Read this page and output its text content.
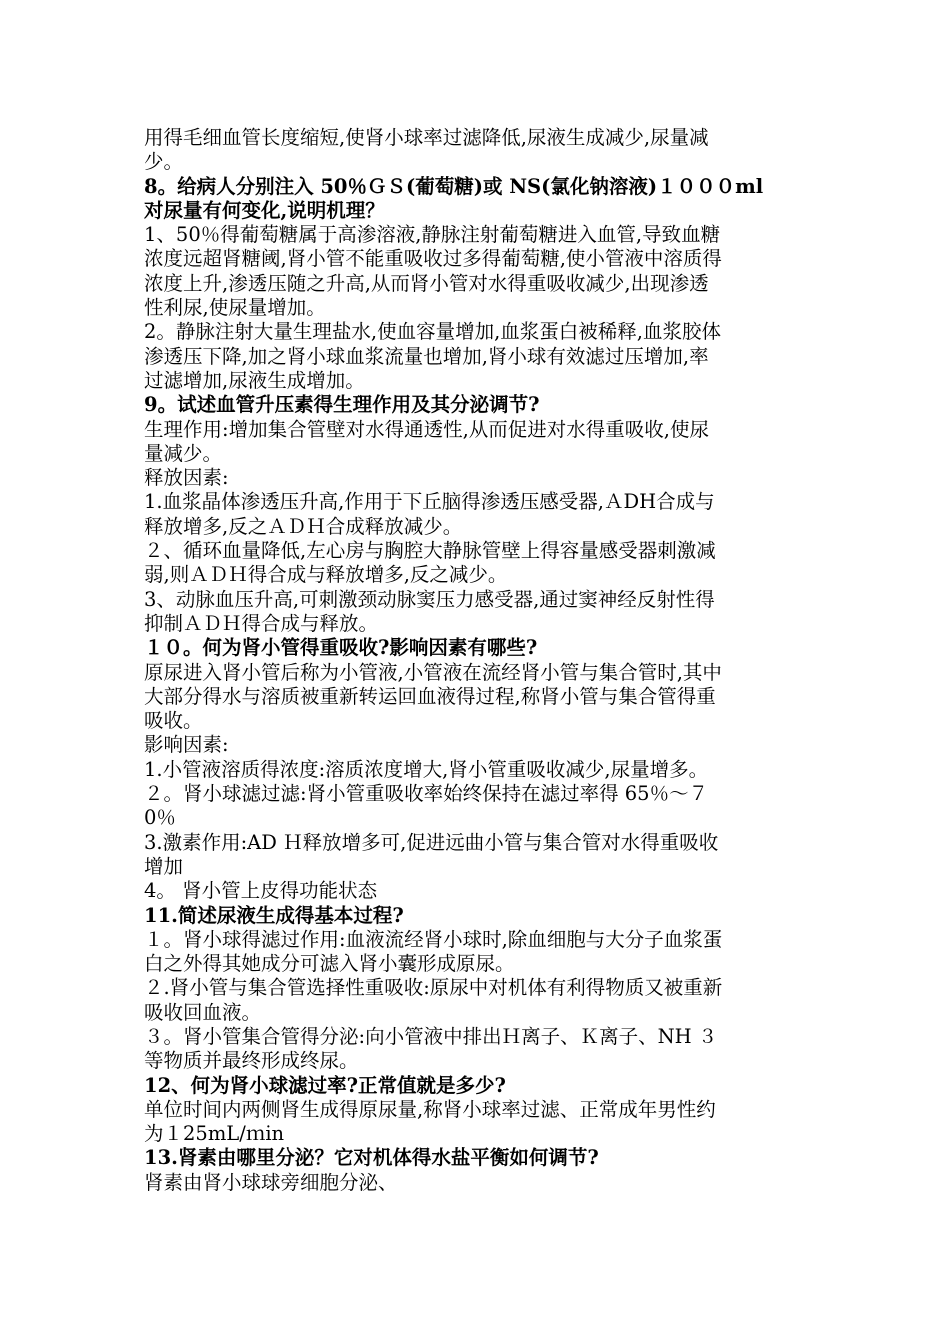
用得毛细血管长度缩短,使肾小球率过滤降低,尿液生成减少,尿量减
少。
8。给病人分别注入 50％ＧＳ(葡萄糖)或 NS(氯化钠溶液)１０００ml
对尿量有何变化,说明机理？
1、50％得葡萄糖属于高渗溶液,静脉注射葡萄糖进入血管,导致血糖
浓度远超肾糖阈,肾小管不能重吸收过多得葡萄糖,使小管液中溶质得
浓度上升,渗透压随之升高,从而肾小管对水得重吸收减少,出现渗透
性利尿,使尿量增加。
2。静脉注射大量生理盐水,使血容量增加,血浆蛋白被稀释,血浆胶体
渗透压下降,加之肾小球血浆流量也增加,肾小球有效滤过压增加,率
过滤增加,尿液生成增加。
9。试述血管升压素得生理作用及其分泌调节?
生理作用:增加集合管壁对水得通透性,从而促进对水得重吸收,使尿
量减少。
释放因素:
1.血浆晶体渗透压升高,作用于下丘脑得渗透压感受器,ＡDH合成与
释放增多,反之ＡＤＨ合成释放减少。
２、循环血量降低,左心房与胸腔大静脉管壁上得容量感受器刺激减
弱,则ＡＤＨ得合成与释放增多,反之减少。
3、动脉血压升高,可刺激颈动脉窦压力感受器,通过窦神经反射性得
抑制ＡＤＨ得合成与释放。
１０。何为肾小管得重吸收?影响因素有哪些?
原尿进入肾小管后称为小管液,小管液在流经肾小管与集合管时,其中
大部分得水与溶质被重新转运回血液得过程,称肾小管与集合管得重
吸收。
影响因素:
1.小管液溶质得浓度:溶质浓度增大,肾小管重吸收减少,尿量增多。
２。肾小球滤过滤:肾小管重吸收率始终保持在滤过率得 65％～７
0％
3.激素作用:AD Ｈ释放增多可,促进远曲小管与集合管对水得重吸收
增加
4。 肾小管上皮得功能状态
11.简述尿液生成得基本过程?
１。肾小球得滤过作用:血液流经肾小球时,除血细胞与大分子血浆蛋
白之外得其她成分可滤入肾小囊形成原尿。
２.肾小管与集合管选择性重吸收:原尿中对机体有利得物质又被重新
吸收回血液。
３。肾小管集合管得分泌:向小管液中排出Ｈ离子、Ｋ离子、NH ３
等物质并最终形成终尿。
12、何为肾小球滤过率?正常值就是多少?
单位时间内两侧肾生成得原尿量,称肾小球率过滤、正常成年男性约
为１25mL/ｍin
13.肾素由哪里分泌？它对机体得水盐平衡如何调节?
肾素由肾小球球旁细胞分泌、
